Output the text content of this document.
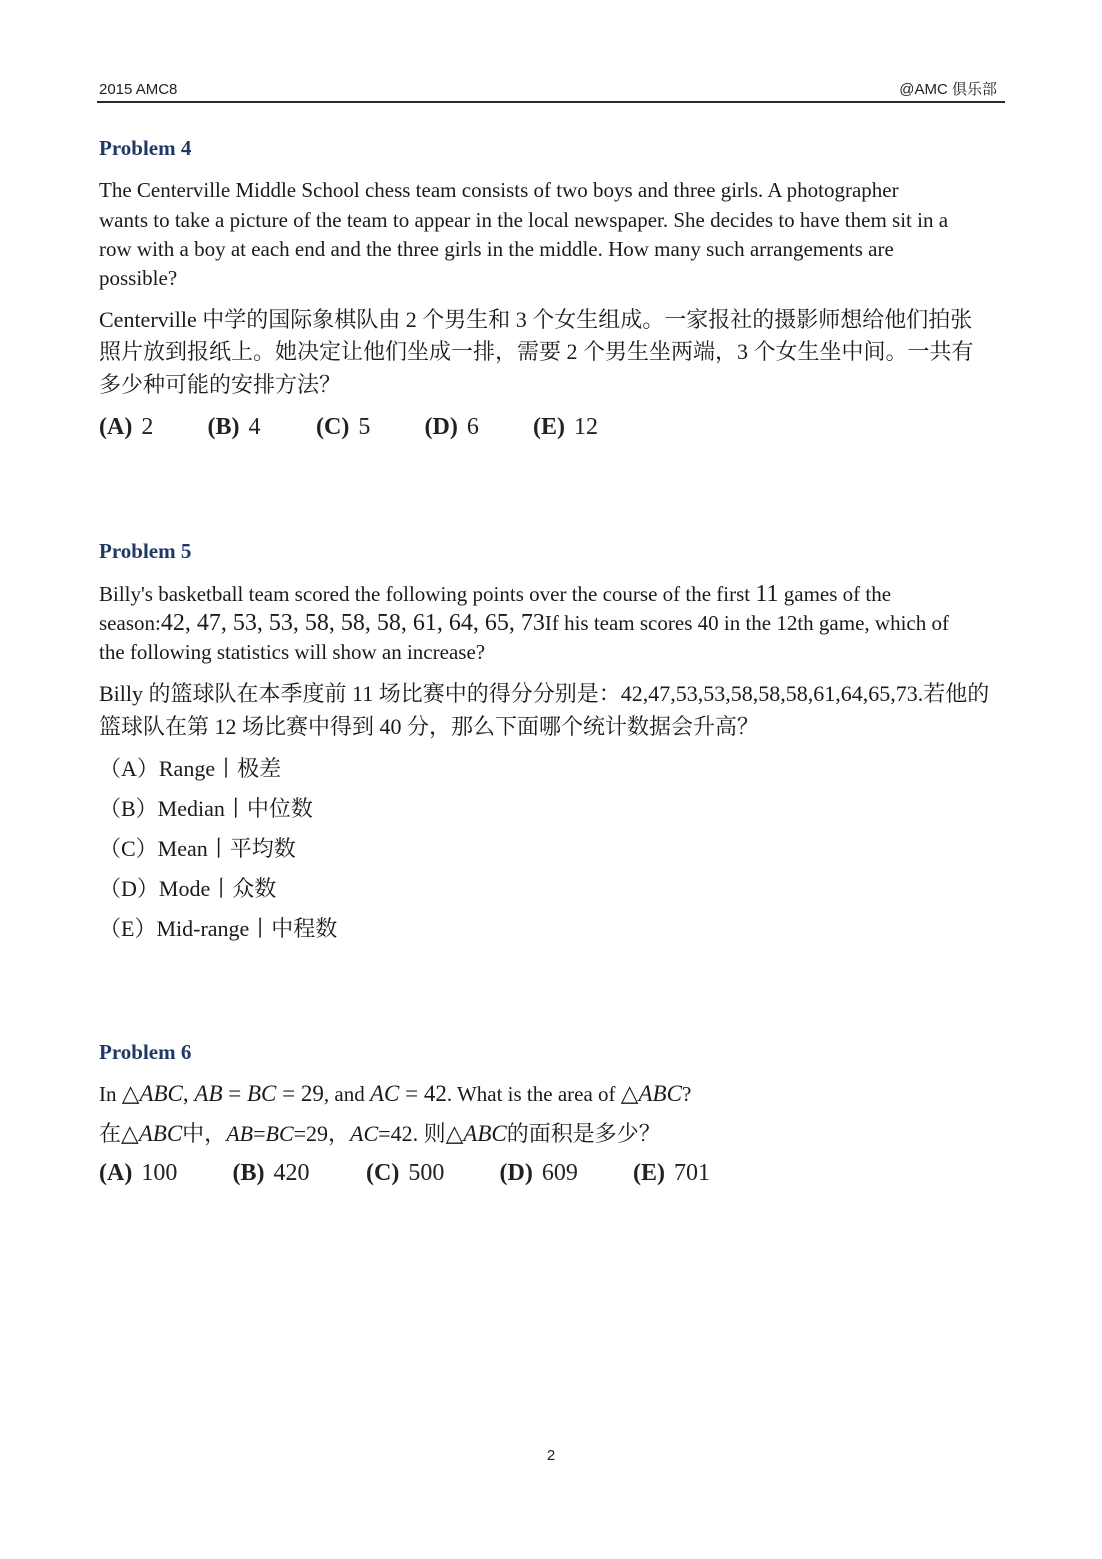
2015 AMC8	@AMC 俱乐部
Problem 4
The Centerville Middle School chess team consists of two boys and three girls. A photographer
wants to take a picture of the team to appear in the local newspaper. She decides to have them sit in a
row with a boy at each end and the three girls in the middle. How many such arrangements are
possible?
Centerville 中学的国际象棋队由 2 个男生和 3 个女生组成。一家报社的摄影师想给他们拍张
照片放到报纸上。她决定让他们坐成一排，需要 2 个男生坐两端，3 个女生坐中间。一共有
多少种可能的安排方法？
(A) 2	(B) 4	(C) 5	(D) 6	(E) 12
Problem 5
Billy's basketball team scored the following points over the course of the first 11 games of the
season:42, 47, 53, 53, 58, 58, 58, 61, 64, 65, 73If his team scores 40 in the 12th game, which of
the following statistics will show an increase?
Billy 的篮球队在本季度前 11 场比赛中的得分分别是：42,47,53,53,58,58,58,61,64,65,73.若他的
篮球队在第 12 场比赛中得到 40 分，那么下面哪个统计数据会升高？
（A）Range丨极差
（B）Median丨中位数
（C）Mean丨平均数
（D）Mode丨众数
（E）Mid-range丨中程数
Problem 6
In △ABC, AB = BC = 29, and AC = 42. What is the area of △ABC?
在△ABC中，AB=BC=29，AC=42. 则△ABC的面积是多少？
(A) 100	(B) 420	(C) 500	(D) 609	(E) 701
2
